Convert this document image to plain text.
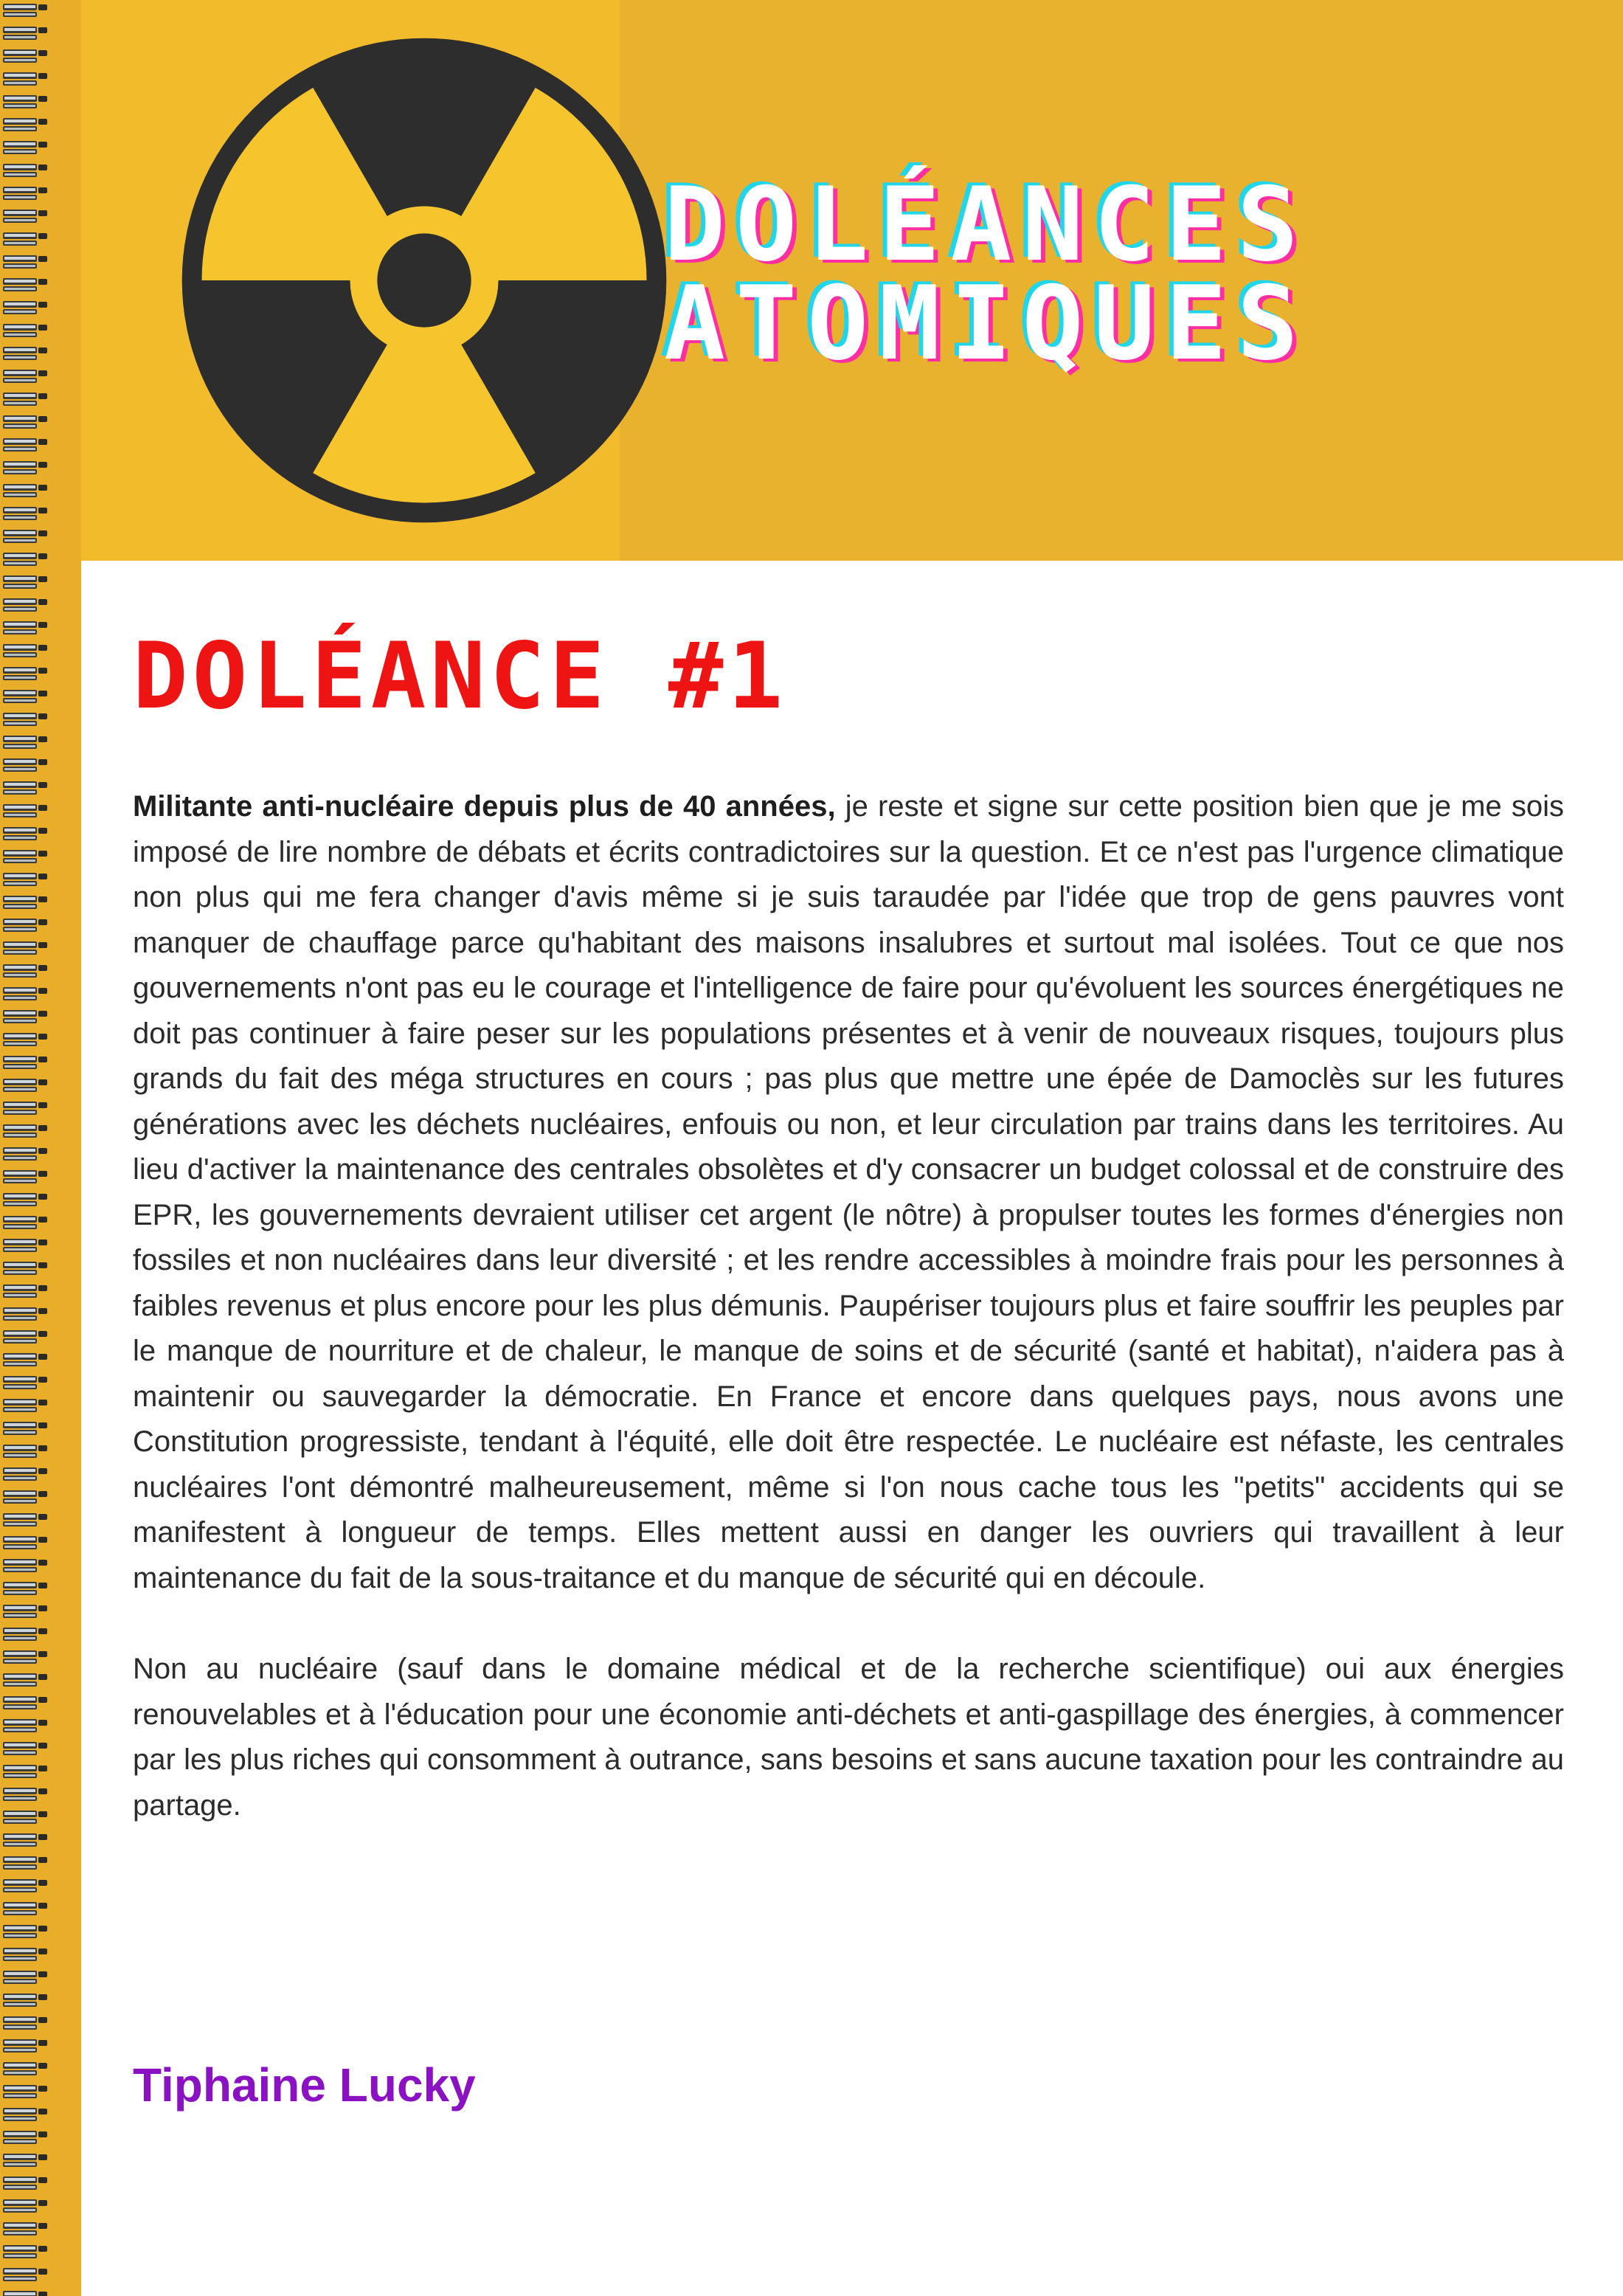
DOLÉANCES
ATOMIQUES
DOLÉANCE #1

Militante anti-nucléaire depuis plus de 40 années, je reste et signe sur cette position bien que je me sois imposé de lire nombre de débats et écrits contradictoires sur la question. Et ce n'est pas l'urgence climatique non plus qui me fera changer d'avis même si je suis taraudée par l'idée que trop de gens pauvres vont manquer de chauffage parce qu'habitant des maisons insalubres et surtout mal isolées. Tout ce que nos gouvernements n'ont pas eu le courage et l'intelligence de faire pour qu'évoluent les sources énergétiques ne doit pas continuer à faire peser sur les populations présentes et à venir de nouveaux risques, toujours plus grands du fait des méga structures en cours ; pas plus que mettre une épée de Damoclès sur les futures générations avec les déchets nucléaires, enfouis ou non, et leur circulation par trains dans les territoires. Au lieu d'activer la maintenance des centrales obsolètes et d'y consacrer un budget colossal et de construire des EPR, les gouvernements devraient utiliser cet argent (le nôtre) à propulser toutes les formes d'énergies non fossiles et non nucléaires dans leur diversité ; et les rendre accessibles à moindre frais pour les personnes à faibles revenus et plus encore pour les plus démunis. Paupériser toujours plus et faire souffrir les peuples par le manque de nourriture et de chaleur, le manque de soins et de sécurité (santé et habitat), n'aidera pas à maintenir ou sauvegarder la démocratie. En France et encore dans quelques pays, nous avons une Constitution progressiste, tendant à l'équité, elle doit être respectée. Le nucléaire est néfaste, les centrales nucléaires l'ont démontré malheureusement, même si l'on nous cache tous les "petits" accidents qui se manifestent à longueur de temps. Elles mettent aussi en danger les ouvriers qui travaillent à leur maintenance du fait de la sous-traitance et du manque de sécurité qui en découle.

Non au nucléaire (sauf dans le domaine médical et de la recherche scientifique) oui aux énergies renouvelables et à l'éducation pour une économie anti-déchets et anti-gaspillage des énergies, à commencer par les plus riches qui consomment à outrance, sans besoins et sans aucune taxation pour les contraindre au partage.

Tiphaine Lucky
